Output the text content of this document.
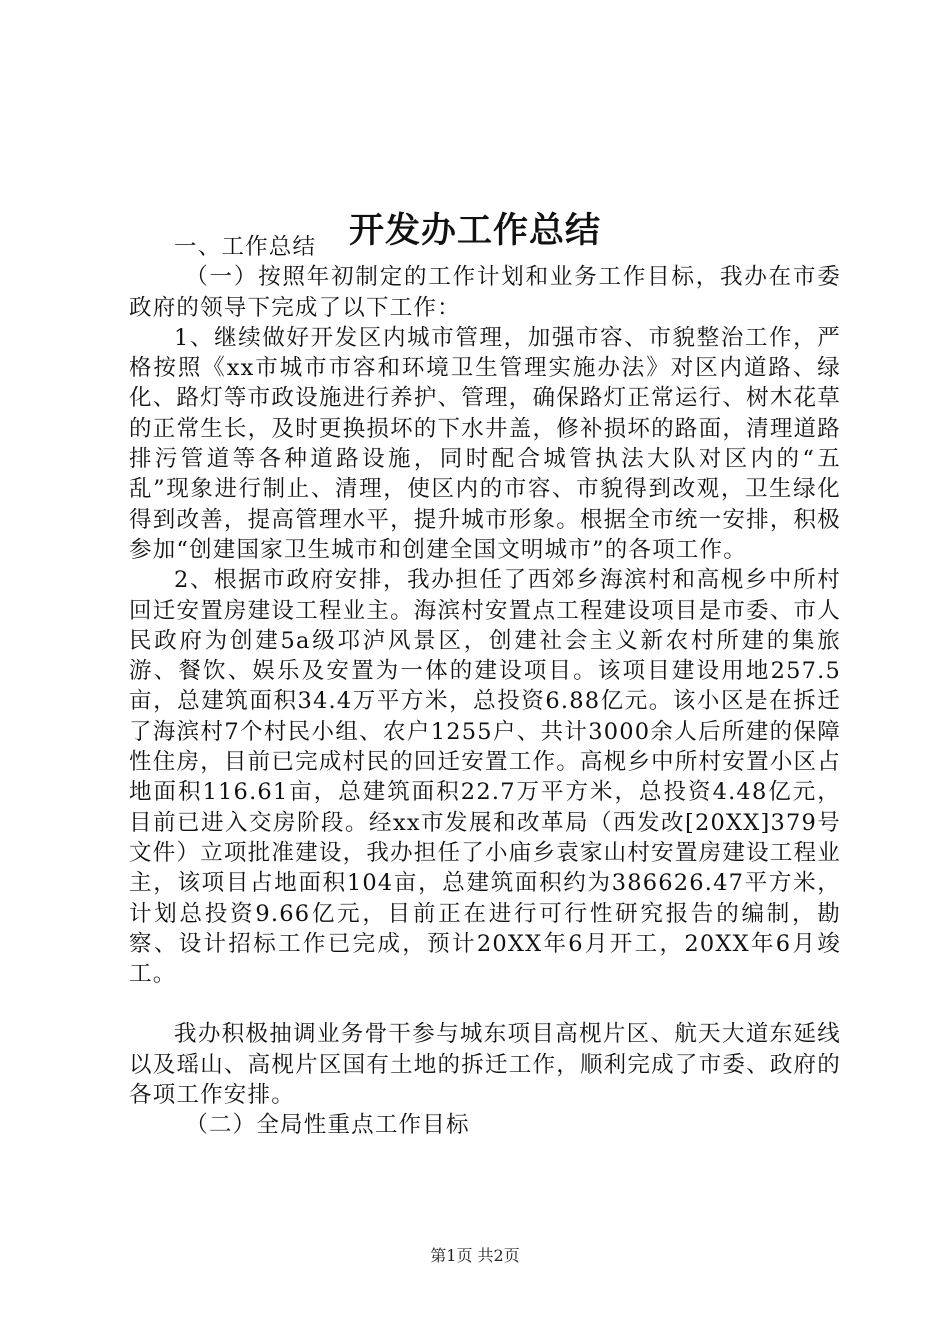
开发办工作总结

一、工作总结

（一）按照年初制定的工作计划和业务工作目标，我办在市委政府的领导下完成了以下工作：

1、继续做好开发区内城市管理，加强市容、市貌整治工作，严格按照《xx市城市市容和环境卫生管理实施办法》对区内道路、绿化、路灯等市政设施进行养护、管理，确保路灯正常运行、树木花草的正常生长，及时更换损坏的下水井盖，修补损坏的路面，清理道路排污管道等各种道路设施，同时配合城管执法大队对区内的“五乱”现象进行制止、清理，使区内的市容、市貌得到改观，卫生绿化得到改善，提高管理水平，提升城市形象。根据全市统一安排，积极参加“创建国家卫生城市和创建全国文明城市”的各项工作。

2、根据市政府安排，我办担任了西郊乡海滨村和高枧乡中所村回迁安置房建设工程业主。海滨村安置点工程建设项目是市委、市人民政府为创建5a级邛泸风景区，创建社会主义新农村所建的集旅游、餐饮、娱乐及安置为一体的建设项目。该项目建设用地257.5亩，总建筑面积34.4万平方米，总投资6.88亿元。该小区是在拆迁了海滨村7个村民小组、农户1255户、共计3000余人后所建的保障性住房，目前已完成村民的回迁安置工作。高枧乡中所村安置小区占地面积116.61亩，总建筑面积22.7万平方米，总投资4.48亿元，目前已进入交房阶段。经xx市发展和改革局（西发改[20XX]379号文件）立项批准建设，我办担任了小庙乡袁家山村安置房建设工程业主，该项目占地面积104亩，总建筑面积约为386626.47平方米，计划总投资9.66亿元，目前正在进行可行性研究报告的编制，勘察、设计招标工作已完成，预计20XX年6月开工，20XX年6月竣工。

我办积极抽调业务骨干参与城东项目高枧片区、航天大道东延线以及瑶山、高枧片区国有土地的拆迁工作，顺利完成了市委、政府的各项工作安排。

（二）全局性重点工作目标

第1页 共2页
